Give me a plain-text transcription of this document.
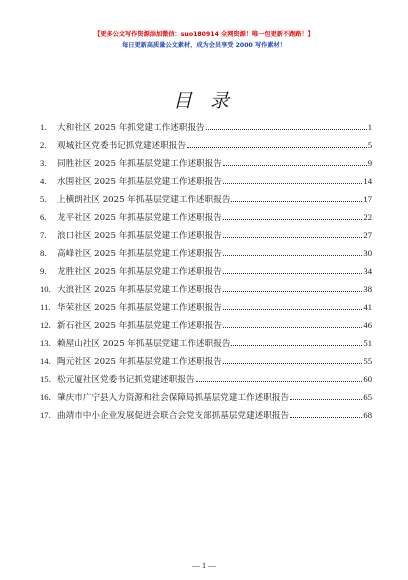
【更多公文写作资源添加微信：suo180914 全网资源！唯一包更新不跑路！】
每日更新高质量公文素材，成为会员享受 2000 写作素材！
目 录
1.	大和社区 2025 年抓党建工作述职报告	1
2.	观城社区党委书记抓党建述职报告	5
3.	同胜社区 2025 年抓基层党建工作述职报告	9
4.	水围社区 2025 年抓基层党建工作述职报告	14
5.	上横朗社区 2025 年抓基层党建工作述职报告	17
6.	龙平社区 2025 年抓基层党建工作述职报告	22
7.	浪口社区 2025 年抓基层党建工作述职报告	27
8.	高峰社区 2025 年抓基层党建工作述职报告	30
9.	龙胜社区 2025 年抓基层党建工作述职报告	34
10. 大浪社区 2025 年抓基层党建工作述职报告	38
11. 华荣社区 2025 年抓基层党建工作述职报告	41
12. 新石社区 2025 年抓基层党建工作述职报告	46
13. 赖屋山社区 2025 年抓基层党建工作述职报告	51
14. 陶元社区 2025 年抓基层党建工作述职报告	55
15. 松元厦社区党委书记抓党建述职报告	60
16. 肇庆市广宁县人力资源和社会保障局抓基层党建工作述职报告	65
17. 曲靖市中小企业发展促进会联合会党支部抓基层党建述职报告	68
— 1 —
